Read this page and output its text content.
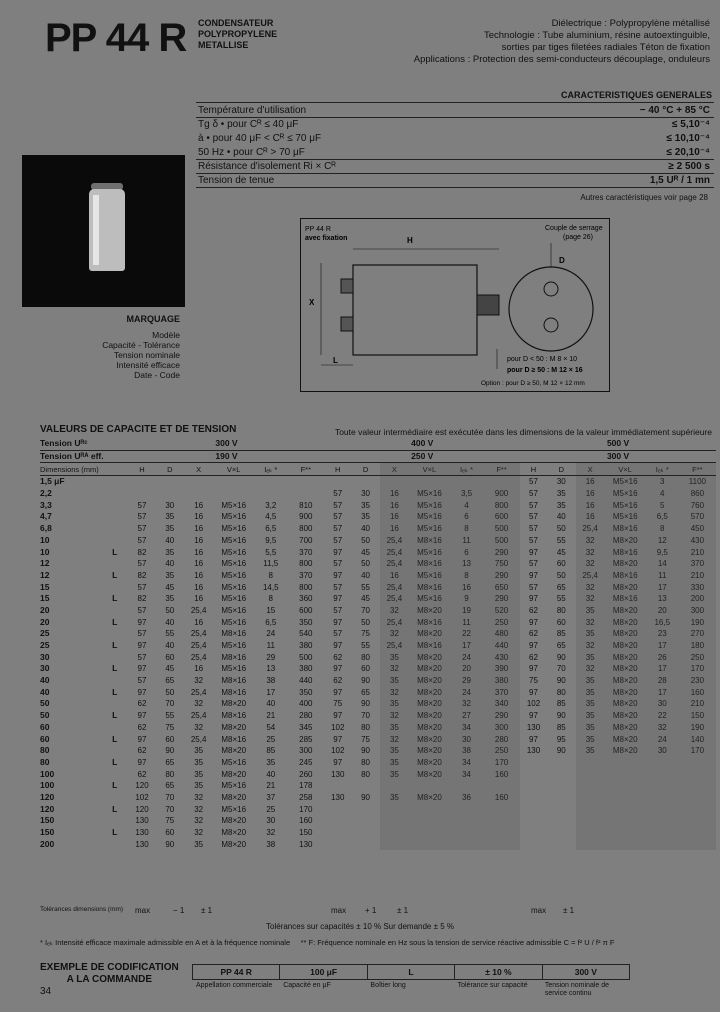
PP 44 R CONDENSATEUR
POLYPROPYLENE
METALLISE
Diélectrique : Polypropylène métallisé
Technologie : Tube aluminium, résine autoextinguible,
sorties par tiges filetées radiales Téton de fixation
Applications : Protection des semi-conducteurs découplage, onduleurs
CARACTERISTIQUES GENERALES
Température d'utilisation	− 40 °C + 85 °C
Tg δ • pour Cᴿ ≤ 40 μF	≤ 5,10⁻⁴
à • pour 40 μF < Cᴿ ≤ 70 μF	≤ 10,10⁻⁴
50 Hz • pour Cᴿ > 70 μF	≤ 20,10⁻⁴
Résistance d'isolement Ri × Cᴿ	≥ 2 500 s
Tension de tenue	1,5 Uᴿ / 1 mn
Autres caractéristiques voir page 28
MARQUAGE
Modèle
Capacité - Tolérance
Tension nominale
Intensité efficace
Date - Code
PP 44 R
avec fixation	H
X
L
D
Couple de serrage
(page 26)
pour D < 50 : M 8 × 10
pour D ≥ 50 : M 12 × 16
Option : pour D ≥ 50, M 12 × 12 mm
VALEURS DE CAPACITE ET DE TENSION	Toute valeur intermédiaire est exécutée dans les dimensions de la valeur immédiatement supérieure
Tension Uᴿᶜ		300 V						400 V						500 V					
Tension Uᴿᴬ eff.		190 V						250 V						300 V					
Dimensions (mm)		H	D	X	V×L	Iₑₖ *	F**	H	D	X	V×L	Iₑₖ *	F**	H	D	X	V×L	Iₑₖ *	F**
1,5 μF														57	30	16	M5×16	3	1100
2,2								57	30	16	M5×16	3,5	900	57	35	16	M5×16	4	860
3,3		57	30	16	M5×16	3,2	810	57	35	16	M5×16	4	800	57	35	16	M5×16	5	760
4,7		57	35	16	M5×16	4,5	900	57	35	16	M5×16	6	600	57	40	16	M5×16	6,5	570
6,8		57	35	16	M5×16	6,5	800	57	40	16	M5×16	8	500	57	50	25,4	M8×16	8	450
10		57	40	16	M5×16	9,5	700	57	50	25,4	M8×16	11	500	57	55	32	M8×20	12	430
10	L	82	35	16	M5×16	5,5	370	97	45	25,4	M5×16	6	290	97	45	32	M8×16	9,5	210
12		57	40	16	M5×16	11,5	800	57	50	25,4	M8×16	13	750	57	60	32	M8×20	14	370
12	L	82	35	16	M5×16	8	370	97	40	16	M5×16	8	290	97	50	25,4	M8×16	11	210
15		57	45	16	M5×16	14,5	800	57	55	25,4	M8×16	16	650	57	65	32	M8×20	17	330
15	L	82	35	16	M5×16	8	360	97	45	25,4	M5×16	9	290	97	55	32	M8×16	13	200
20		57	50	25,4	M5×16	15	600	57	70	32	M8×20	19	520	62	80	35	M8×20	20	300
20	L	97	40	16	M5×16	6,5	350	97	50	25,4	M8×16	11	250	97	60	32	M8×20	16,5	190
25		57	55	25,4	M8×16	24	540	57	75	32	M8×20	22	480	62	85	35	M8×20	23	270
25	L	97	40	25,4	M5×16	11	380	97	55	25,4	M8×16	17	440	97	65	32	M8×20	17	180
30		57	60	25,4	M8×16	29	500	62	80	35	M8×20	24	430	62	90	35	M8×20	26	250
30	L	97	45	16	M5×16	13	380	97	60	32	M8×20	20	390	97	70	32	M8×20	17	170
40		57	65	32	M8×16	38	440	62	90	35	M8×20	29	380	75	90	35	M8×20	28	230
40	L	97	50	25,4	M8×16	17	350	97	65	32	M8×20	24	370	97	80	35	M8×20	17	160
50		62	70	32	M8×20	40	400	75	90	35	M8×20	32	340	102	85	35	M8×20	30	210
50	L	97	55	25,4	M8×16	21	280	97	70	32	M8×20	27	290	97	90	35	M8×20	22	150
60		62	75	32	M8×20	54	345	102	80	35	M8×20	34	300	130	85	35	M8×20	32	190
60	L	97	60	25,4	M8×16	25	285	97	75	32	M8×20	30	280	97	95	35	M8×20	24	140
80		62	90	35	M8×20	85	300	102	90	35	M8×20	38	250	130	90	35	M8×20	30	170
80	L	97	65	35	M5×16	35	245	97	80	35	M8×20	34	170						
100		62	80	35	M8×20	40	260	130	80	35	M8×20	34	160						
100	L	120	65	35	M5×16	21	178												
120		102	70	32	M8×20	37	258	130	90	35	M8×20	36	160						
120	L	120	70	32	M5×16	25	170												
150		130	75	32	M8×20	30	160												
150	L	130	60	32	M8×20	32	150												
200		130	90	35	M8×20	38	130												
Tolérances dimensions (mm)	max	− 1 ± 1	max + 1	± 1	max ± 1
Tolérances sur capacités ± 10 % Sur demande ± 5 %
* Iₑₖ Intensité efficace maximale admissible en A et à la fréquence nominale ** F: Fréquence nominale en Hz sous la tension de service réactive admissible C = f² U / f² π F
EXEMPLE DE CODIFICATION
A LA COMMANDE
PP 44 R	100 μF	L	± 10 %	300 V
Appellation commerciale	Capacité en μF	Boîtier long	Tolérance sur capacité	Tension nominale de service continu
34
